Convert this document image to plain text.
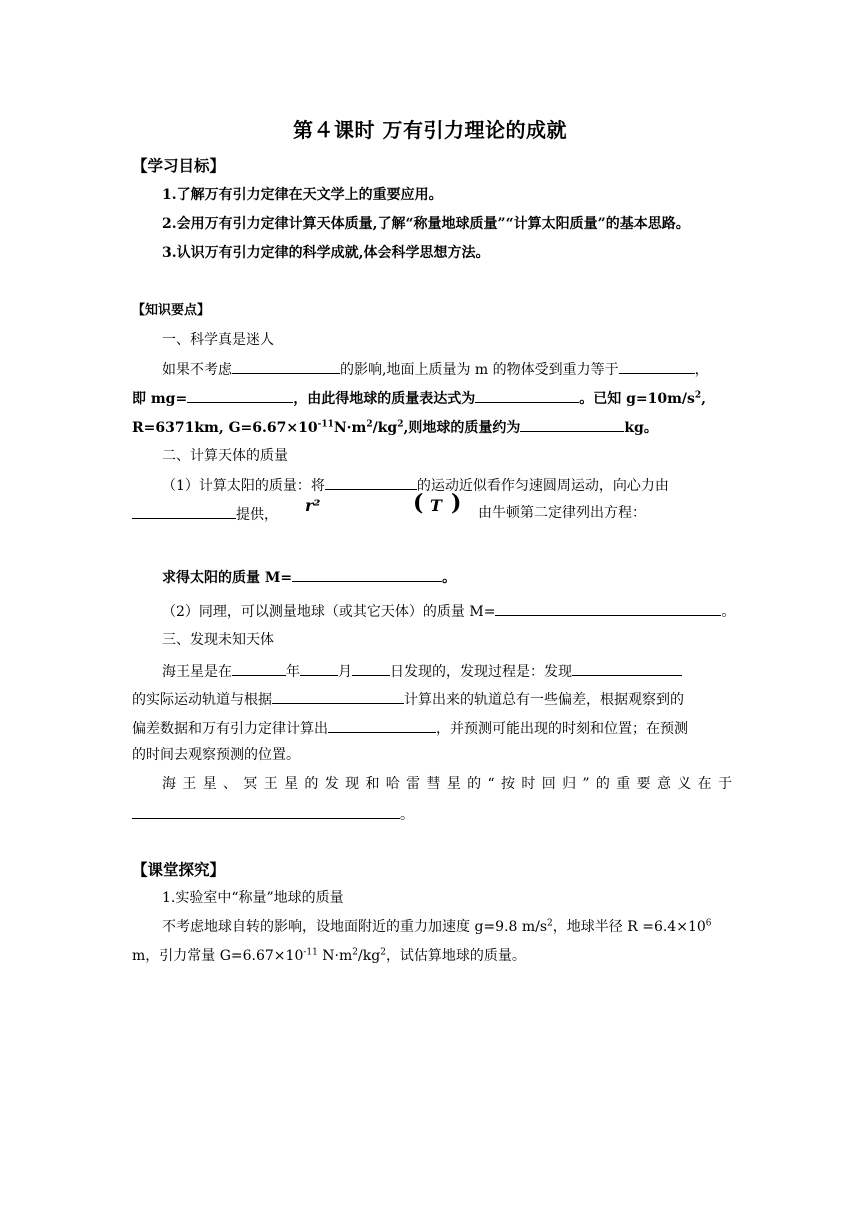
第４课时 万有引力理论的成就
【学习目标】
1.了解万有引力定律在天文学上的重要应用。
2.会用万有引力定律计算天体质量,了解“称量地球质量”“计算太阳质量”的基本思路。
3.认识万有引力定律的科学成就,体会科学思想方法。
【知识要点】
一、科学真是迷人
如果不考虑	的影响,地面上质量为 m 的物体受到重力等于	，
即 mg=	，由此得地球的质量表达式为	。已知 $g=10m/s^2$,
R=6371km, $G=6.67\times 10^{-11}N\cdot m^2/kg^2$,则地球的质量约为	kg。
二、计算天体的质量
（1）计算太阳的质量：将	的运动近似看作匀速圆周运动，向心力由
提供，	由牛顿第二定律列出方程：
r²	( T )
求得太阳的质量 M=	。
（2）同理，可以测量地球（或其它天体）的质量 M=	。
三、发现未知天体
海王星是在	年	月	日发现的，发现过程是：发现
的实际运动轨道与根据	计算出来的轨道总有一些偏差，根据观察到的
偏差数据和万有引力定律计算出	，并预测可能出现的时刻和位置；在预测
的时间去观察预测的位置。
海王星、冥王星的发现和哈雷彗星的“按时回归”的重要意义在于
。
【课堂探究】
1.实验室中“称量”地球的质量
不考虑地球自转的影响，设地面附近的重力加速度 g=9.8 $m/s^2$，地球半径 $R =6.4\times 10^6$
m，引力常量 $G=6.67\times 10^{-11}$ $N\cdot m^2/kg^2$，试估算地球的质量。
